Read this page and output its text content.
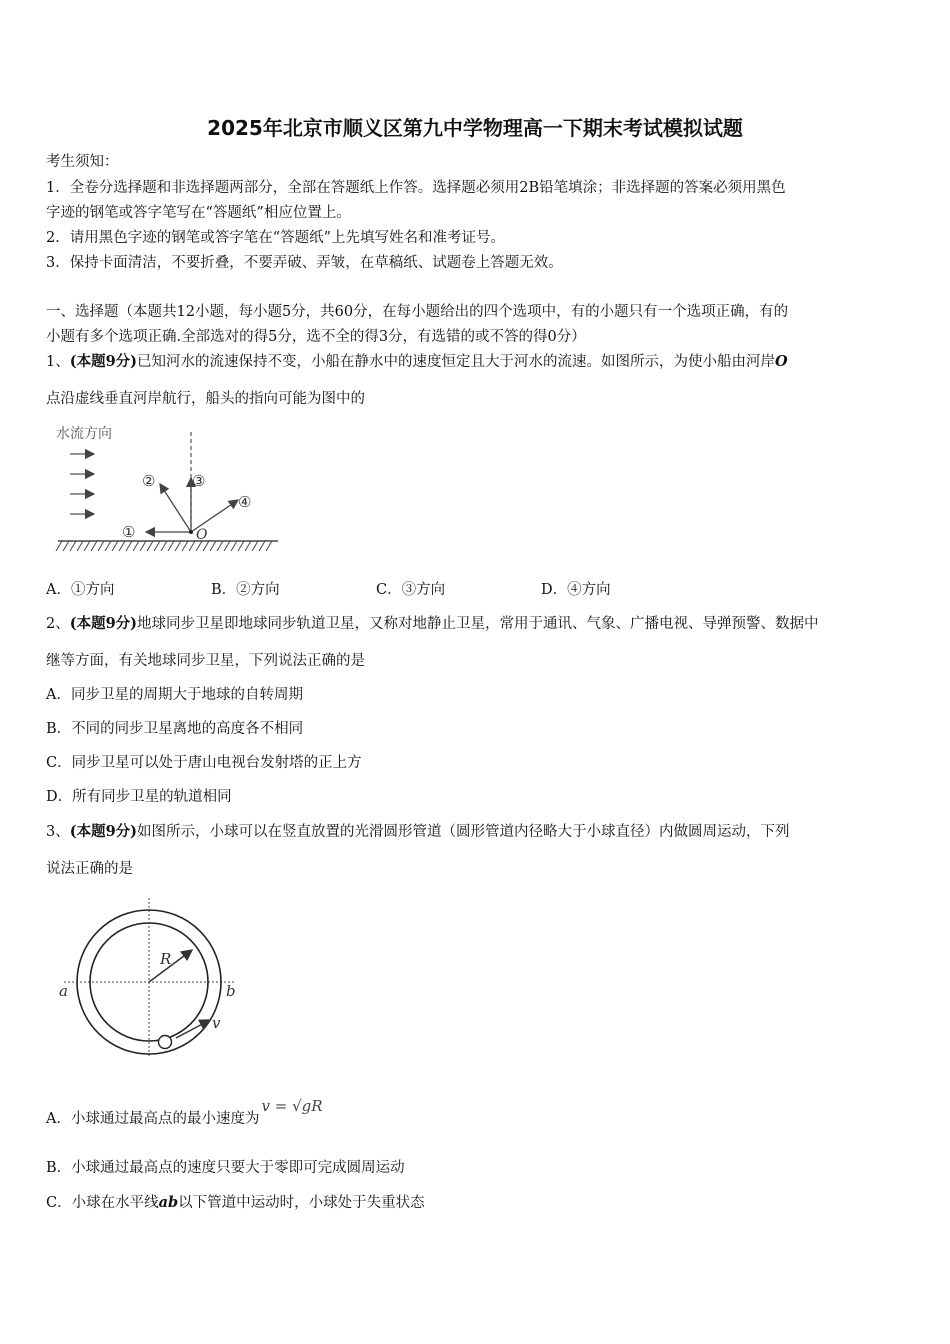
2025年北京市顺义区第九中学物理高一下期末考试模拟试题
考生须知：
1．全卷分选择题和非选择题两部分，全部在答题纸上作答。选择题必须用2B铅笔填涂；非选择题的答案必须用黑色
字迹的钢笔或答字笔写在“答题纸”相应位置上。
2．请用黑色字迹的钢笔或答字笔在“答题纸”上先填写姓名和准考证号。
3．保持卡面清洁，不要折叠，不要弄破、弄皱，在草稿纸、试题卷上答题无效。
一、选择题（本题共12小题，每小题5分，共60分，在每小题给出的四个选项中，有的小题只有一个选项正确，有的
小题有多个选项正确.全部选对的得5分，选不全的得3分，有选错的或不答的得0分）
1、(本题9分)已知河水的流速保持不变，小船在静水中的速度恒定且大于河水的流速。如图所示，为使小船由河岸O
点沿虚线垂直河岸航行，船头的指向可能为图中的
水流方向
①
② ③
④
O
A．①方向	B．②方向	C．③方向	D．④方向
2、(本题9分)地球同步卫星即地球同步轨道卫星，又称对地静止卫星，常用于通讯、气象、广播电视、导弹预警、数据中
继等方面，有关地球同步卫星，下列说法正确的是
A．同步卫星的周期大于地球的自转周期
B．不同的同步卫星离地的高度各不相同
C．同步卫星可以处于唐山电视台发射塔的正上方
D．所有同步卫星的轨道相同
3、(本题9分)如图所示，小球可以在竖直放置的光滑圆形管道（圆形管道内径略大于小球直径）内做圆周运动，下列
说法正确的是
R
a	b
v
A．小球通过最高点的最小速度为v = √gR
B．小球通过最高点的速度只要大于零即可完成圆周运动
C．小球在水平线ab以下管道中运动时，小球处于失重状态
